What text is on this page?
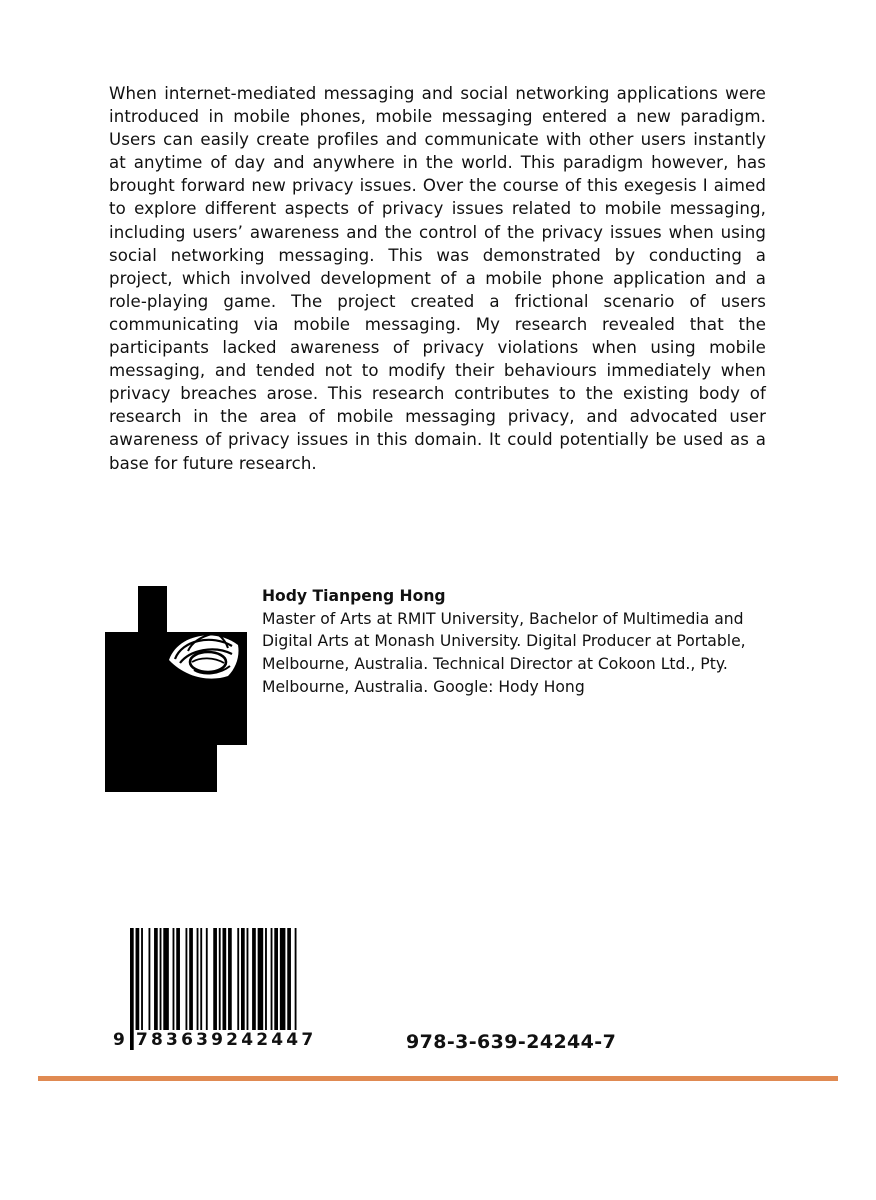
When internet-mediated messaging and social networking applications were introduced in mobile phones, mobile messaging entered a new paradigm. Users can easily create profiles and communicate with other users instantly at anytime of day and anywhere in the world. This paradigm however, has brought forward new privacy issues. Over the course of this exegesis I aimed to explore different aspects of privacy issues related to mobile messaging, including users’ awareness and the control of the privacy issues when using social networking messaging. This was demonstrated by conducting a project, which involved development of a mobile phone application and a role-playing game. The project created a frictional scenario of users communicating via mobile messaging. My research revealed that the participants lacked awareness of privacy violations when using mobile messaging, and tended not to modify their behaviours immediately when privacy breaches arose. This research contributes to the existing body of research in the area of mobile messaging privacy, and advocated user awareness of privacy issues in this domain. It could potentially be used as a base for future research.

Hody Tianpeng Hong

Master of Arts at RMIT University, Bachelor of Multimedia and Digital Arts at Monash University. Digital Producer at Portable, Melbourne, Australia. Technical Director at Cokoon Ltd., Pty. Melbourne, Australia. Google: Hody Hong

9 783639242447	978-3-639-24244-7
